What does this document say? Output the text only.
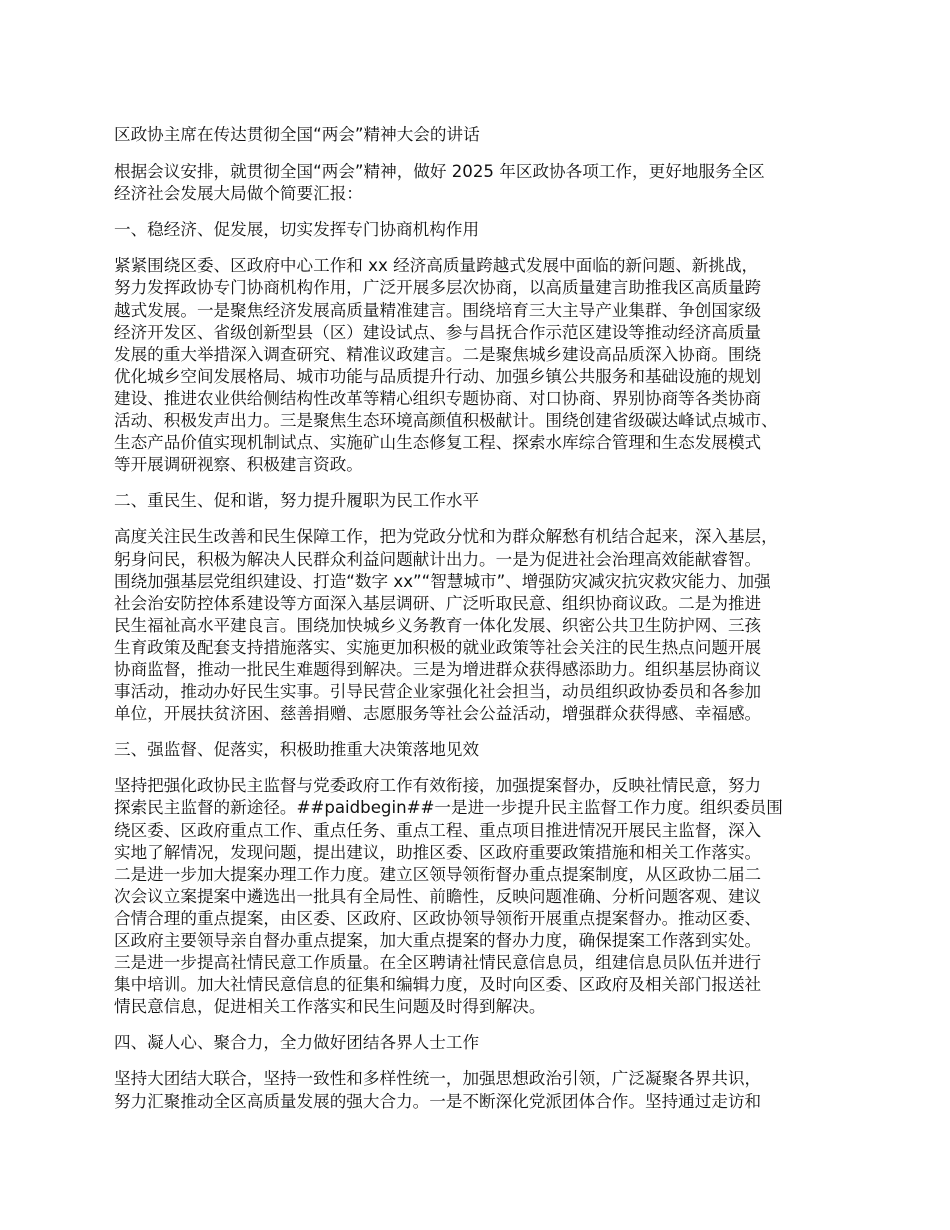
区政协主席在传达贯彻全国“两会”精神大会的讲话

根据会议安排，就贯彻全国“两会”精神，做好 2025 年区政协各项工作，更好地服务全区
经济社会发展大局做个简要汇报：

一、稳经济、促发展，切实发挥专门协商机构作用

紧紧围绕区委、区政府中心工作和 xx 经济高质量跨越式发展中面临的新问题、新挑战，
努力发挥政协专门协商机构作用，广泛开展多层次协商，以高质量建言助推我区高质量跨
越式发展。一是聚焦经济发展高质量精准建言。围绕培育三大主导产业集群、争创国家级
经济开发区、省级创新型县（区）建设试点、参与昌抚合作示范区建设等推动经济高质量
发展的重大举措深入调查研究、精准议政建言。二是聚焦城乡建设高品质深入协商。围绕
优化城乡空间发展格局、城市功能与品质提升行动、加强乡镇公共服务和基础设施的规划
建设、推进农业供给侧结构性改革等精心组织专题协商、对口协商、界别协商等各类协商
活动、积极发声出力。三是聚焦生态环境高颜值积极献计。围绕创建省级碳达峰试点城市、
生态产品价值实现机制试点、实施矿山生态修复工程、探索水库综合管理和生态发展模式
等开展调研视察、积极建言资政。

二、重民生、促和谐，努力提升履职为民工作水平

高度关注民生改善和民生保障工作，把为党政分忧和为群众解愁有机结合起来，深入基层，
躬身问民，积极为解决人民群众利益问题献计出力。一是为促进社会治理高效能献睿智。
围绕加强基层党组织建设、打造“数字 xx”“智慧城市”、增强防灾减灾抗灾救灾能力、加强
社会治安防控体系建设等方面深入基层调研、广泛听取民意、组织协商议政。二是为推进
民生福祉高水平建良言。围绕加快城乡义务教育一体化发展、织密公共卫生防护网、三孩
生育政策及配套支持措施落实、实施更加积极的就业政策等社会关注的民生热点问题开展
协商监督，推动一批民生难题得到解决。三是为增进群众获得感添助力。组织基层协商议
事活动，推动办好民生实事。引导民营企业家强化社会担当，动员组织政协委员和各参加
单位，开展扶贫济困、慈善捐赠、志愿服务等社会公益活动，增强群众获得感、幸福感。

三、强监督、促落实，积极助推重大决策落地见效

坚持把强化政协民主监督与党委政府工作有效衔接，加强提案督办，反映社情民意，努力
探索民主监督的新途径。##paidbegin##一是进一步提升民主监督工作力度。组织委员围
绕区委、区政府重点工作、重点任务、重点工程、重点项目推进情况开展民主监督，深入
实地了解情况，发现问题，提出建议，助推区委、区政府重要政策措施和相关工作落实。
二是进一步加大提案办理工作力度。建立区领导领衔督办重点提案制度，从区政协二届二
次会议立案提案中遴选出一批具有全局性、前瞻性，反映问题准确、分析问题客观、建议
合情合理的重点提案，由区委、区政府、区政协领导领衔开展重点提案督办。推动区委、
区政府主要领导亲自督办重点提案，加大重点提案的督办力度，确保提案工作落到实处。
三是进一步提高社情民意工作质量。在全区聘请社情民意信息员，组建信息员队伍并进行
集中培训。加大社情民意信息的征集和编辑力度，及时向区委、区政府及相关部门报送社
情民意信息，促进相关工作落实和民生问题及时得到解决。

四、凝人心、聚合力，全力做好团结各界人士工作

坚持大团结大联合，坚持一致性和多样性统一，加强思想政治引领，广泛凝聚各界共识，
努力汇聚推动全区高质量发展的强大合力。一是不断深化党派团体合作。坚持通过走访和
